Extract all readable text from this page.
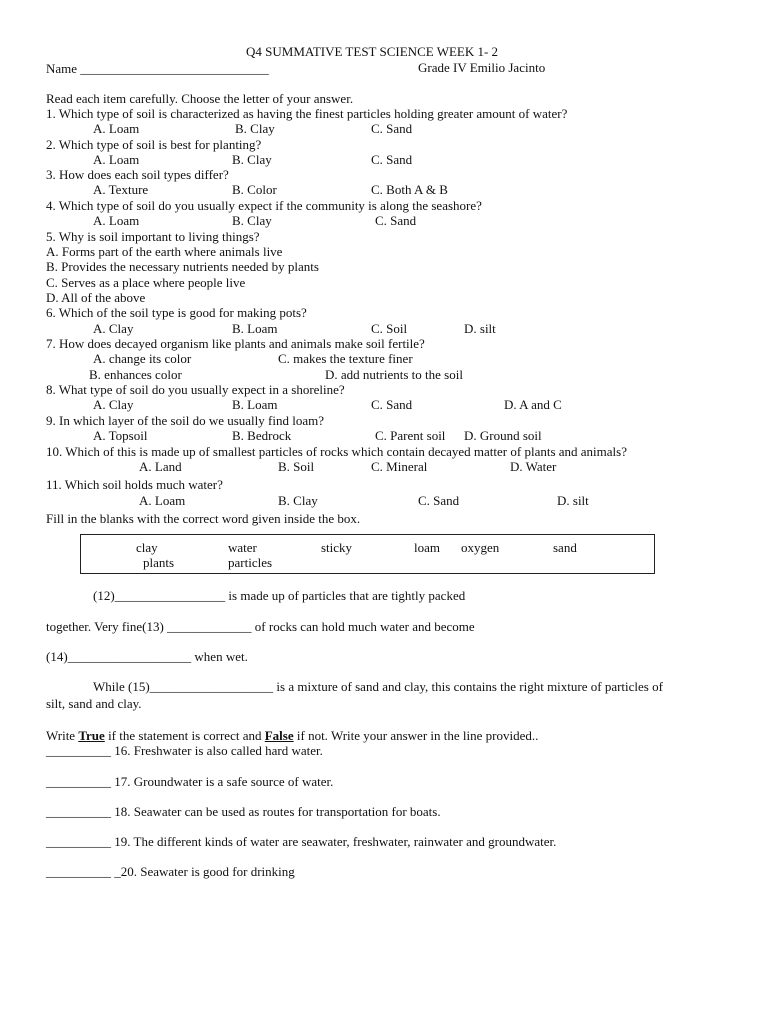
Q4 SUMMATIVE TEST SCIENCE WEEK 1- 2
Name _____________________________	Grade IV Emilio Jacinto
Read each item carefully. Choose the letter of your answer.
1. Which type of soil is characterized as having the finest particles holding greater amount of water?
A. Loam	B. Clay	C. Sand
2. Which type of soil is best for planting?
A. Loam	B. Clay	C. Sand
3. How does each soil types differ?
A. Texture	B. Color	C. Both A & B
4. Which type of soil do you usually expect if the community is along the seashore?
A. Loam	B. Clay	C. Sand
5. Why is soil important to living things?
A. Forms part of the earth where animals live
B. Provides the necessary nutrients needed by plants
C. Serves as a place where people live
D. All of the above
6. Which of the soil type is good for making pots?
A. Clay	B. Loam	C. Soil	D. silt
7. How does decayed organism like plants and animals make soil fertile?
A. change its color	C. makes the texture finer
B. enhances color	D. add nutrients to the soil
8. What type of soil do you usually expect in a shoreline?
A. Clay	B. Loam	C. Sand	D. A and C
9. In which layer of the soil do we usually find loam?
A. Topsoil	B. Bedrock	C. Parent soil D. Ground soil
10. Which of this is made up of smallest particles of rocks which contain decayed matter of plants and animals?
A. Land	B. Soil	C. Mineral	D. Water
11. Which soil holds much water?
A. Loam	B. Clay	C. Sand	D. silt
Fill in the blanks with the correct word given inside the box.
clay	water	sticky	loam oxygen	sand
plants	particles
(12)_________________ is made up of particles that are tightly packed
together. Very fine(13) _____________ of rocks can hold much water and become
(14)___________________ when wet.
While (15)___________________ is a mixture of sand and clay, this contains the right mixture of particles of
silt, sand and clay.
Write True if the statement is correct and False if not. Write your answer in the line provided..
__________ 16. Freshwater is also called hard water.
__________ 17. Groundwater is a safe source of water.
__________ 18. Seawater can be used as routes for transportation for boats.
__________ 19. The different kinds of water are seawater, freshwater, rainwater and groundwater.
__________ _20. Seawater is good for drinking
